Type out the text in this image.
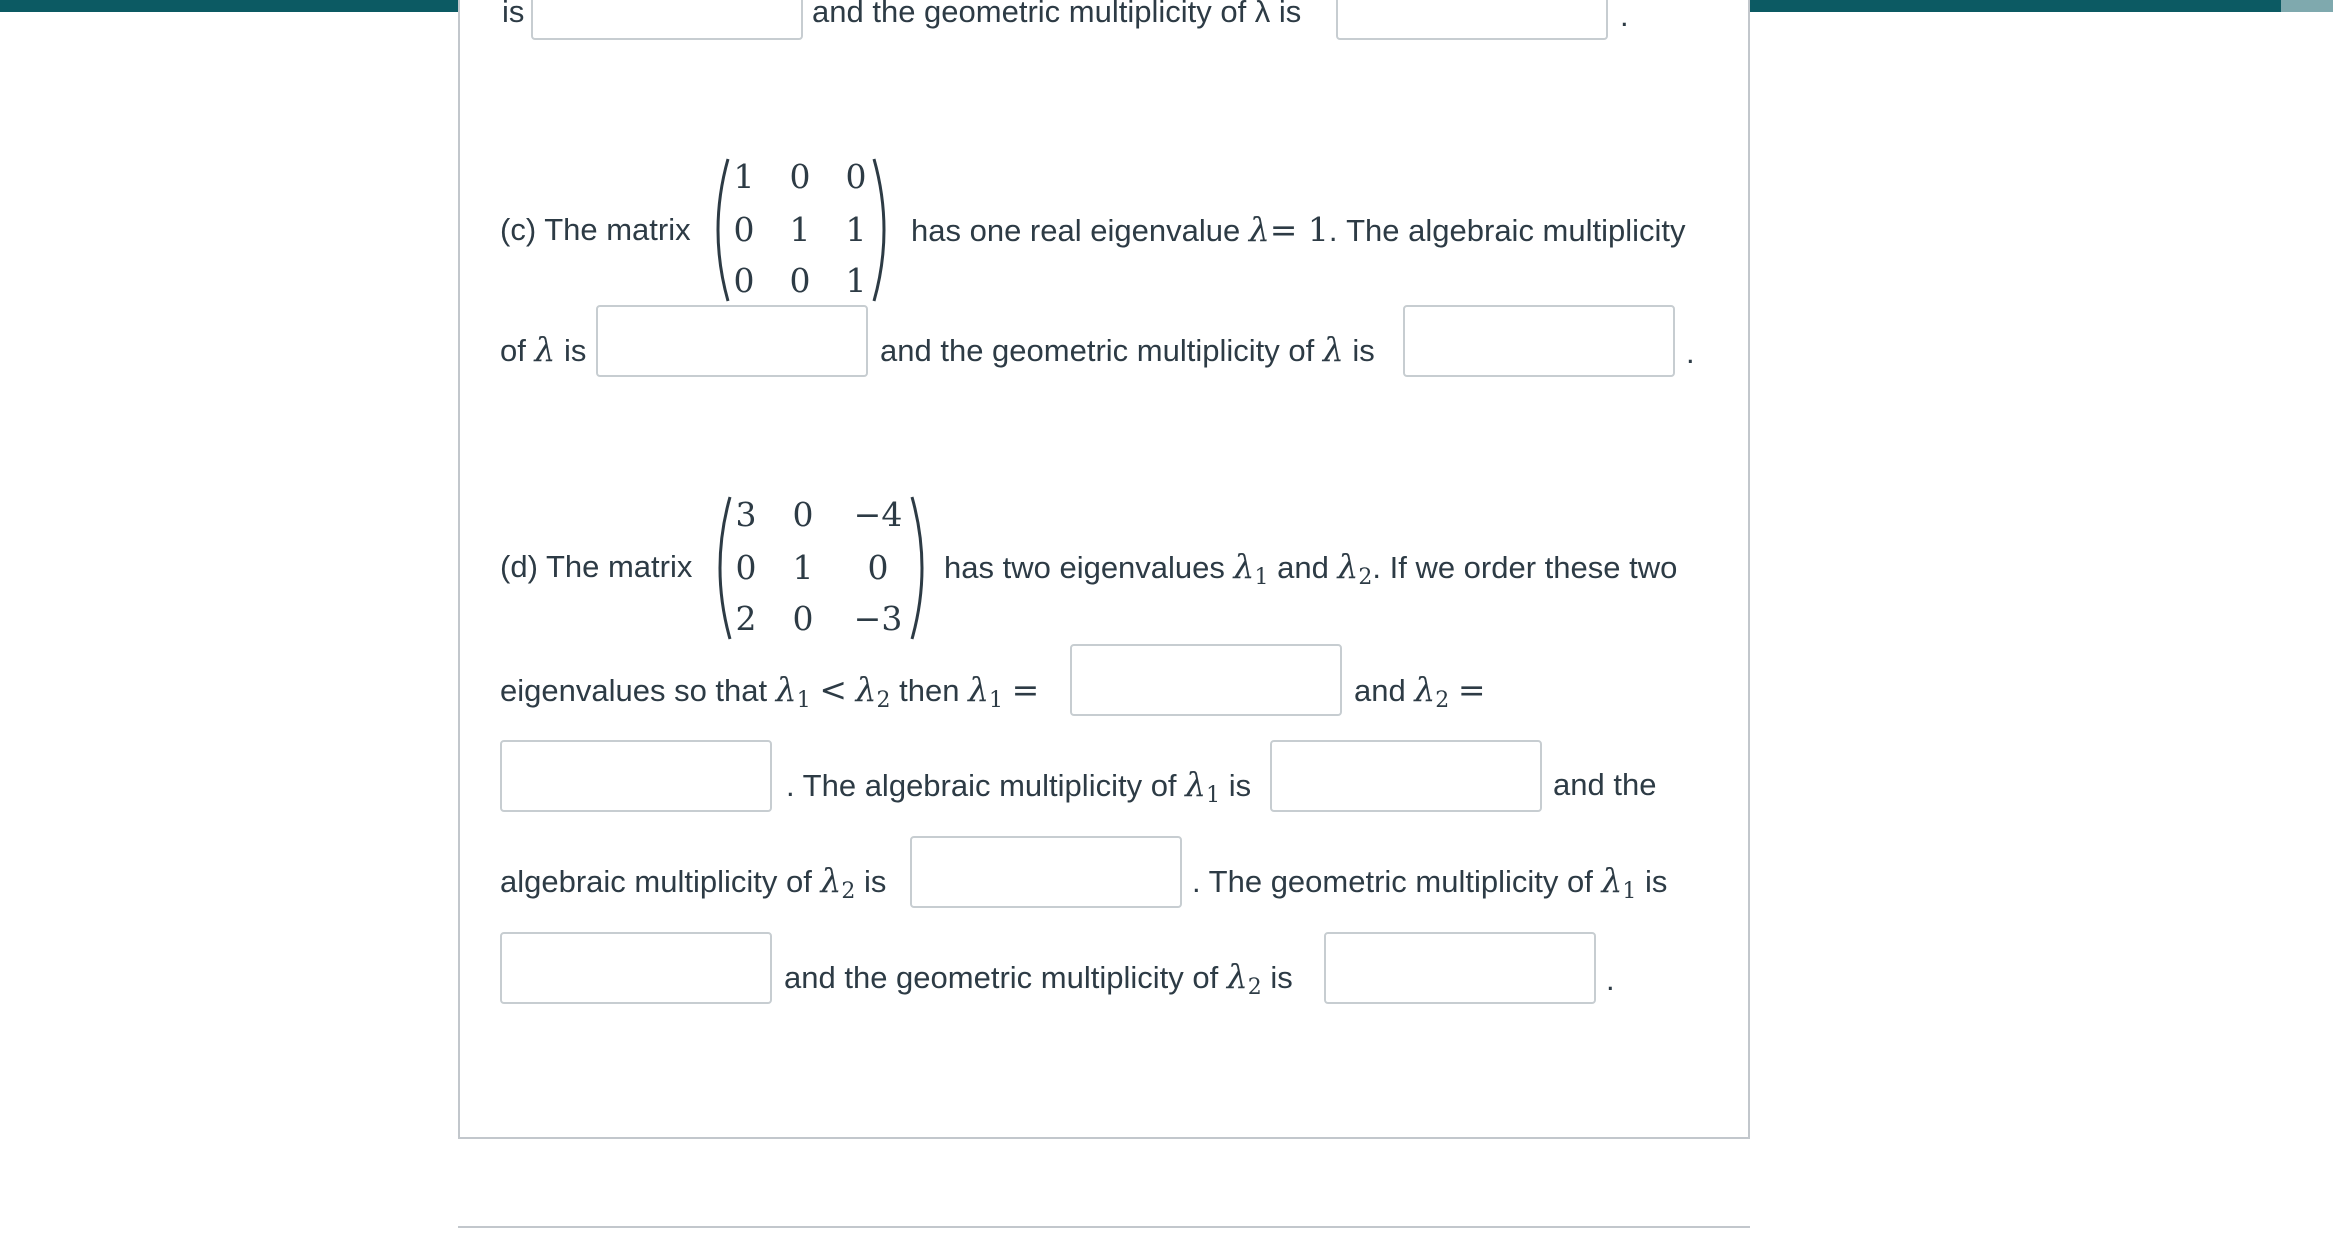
is	and the geometric multiplicity of λ is	.
(c) The matrix
1	0	0
0	1	1
0	0	1
has one real eigenvalue λ= 1. The algebraic multiplicity
of λ is	and the geometric multiplicity of λ is	.
(d) The matrix
3	0	−4
0	1	0
2	0	−3
has two eigenvalues $\lambda_1$ and $\lambda_2$. If we order these two
eigenvalues so that $\lambda_1 < \lambda_2$ then $\lambda_1$ =	and $\lambda_2$ =
. The algebraic multiplicity of $\lambda_1$ is	and the
algebraic multiplicity of $\lambda_2$ is	. The geometric multiplicity of $\lambda_1$ is
and the geometric multiplicity of $\lambda_2$ is	.
